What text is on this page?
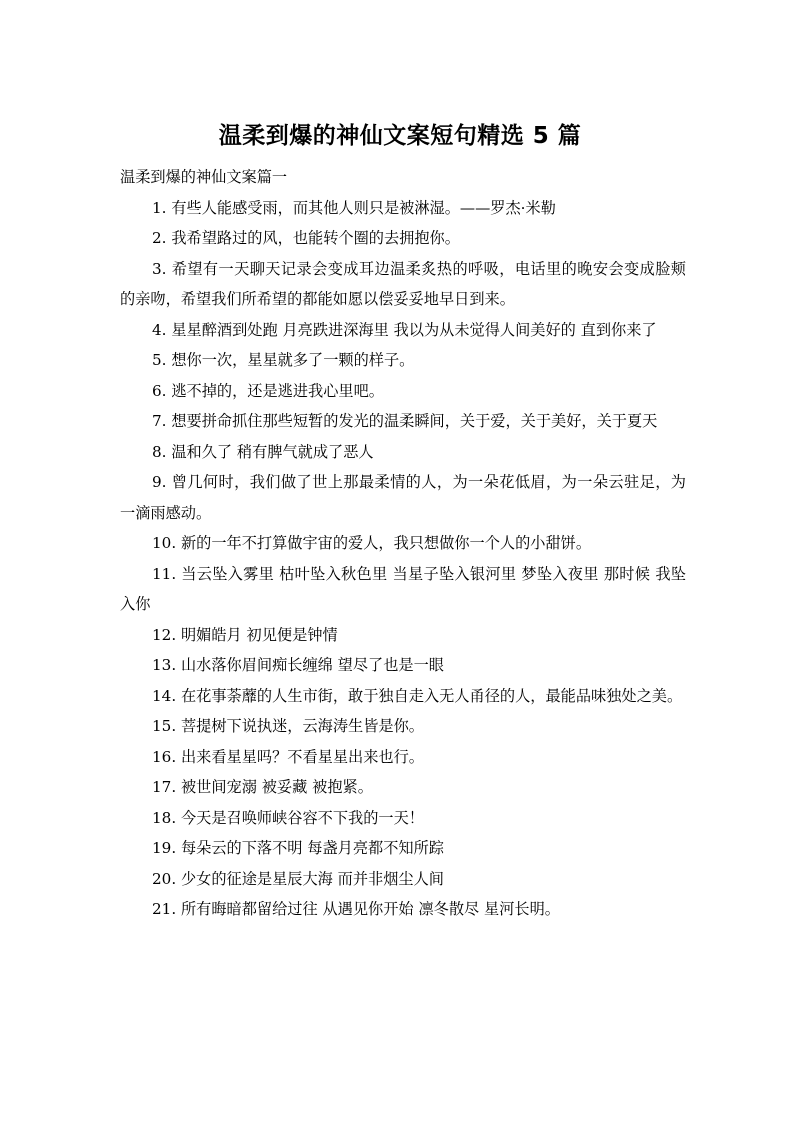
温柔到爆的神仙文案短句精选 5 篇

温柔到爆的神仙文案篇一

1. 有些人能感受雨，而其他人则只是被淋湿。——罗杰·米勒

2. 我希望路过的风，也能转个圈的去拥抱你。

3. 希望有一天聊天记录会变成耳边温柔炙热的呼吸，电话里的晚安会变成脸颊的亲吻，希望我们所希望的都能如愿以偿妥妥地早日到来。

4. 星星醉酒到处跑 月亮跌进深海里 我以为从未觉得人间美好的 直到你来了

5. 想你一次，星星就多了一颗的样子。

6. 逃不掉的，还是逃进我心里吧。

7. 想要拼命抓住那些短暂的发光的温柔瞬间，关于爱，关于美好，关于夏天

8. 温和久了 稍有脾气就成了恶人

9. 曾几何时，我们做了世上那最柔情的人，为一朵花低眉，为一朵云驻足，为一滴雨感动。

10. 新的一年不打算做宇宙的爱人，我只想做你一个人的小甜饼。

11. 当云坠入雾里 枯叶坠入秋色里 当星子坠入银河里 梦坠入夜里 那时候 我坠入你

12. 明媚皓月 初见便是钟情

13. 山水落你眉间痴长缠绵 望尽了也是一眼

14. 在花事荼蘼的人生市街，敢于独自走入无人甬径的人，最能品味独处之美。

15. 菩提树下说执迷，云海涛生皆是你。

16. 出来看星星吗？不看星星出来也行。

17. 被世间宠溺 被妥藏 被抱紧。

18. 今天是召唤师峡谷容不下我的一天！

19. 每朵云的下落不明 每盏月亮都不知所踪

20. 少女的征途是星辰大海 而并非烟尘人间

21. 所有晦暗都留给过往 从遇见你开始 凛冬散尽 星河长明。
